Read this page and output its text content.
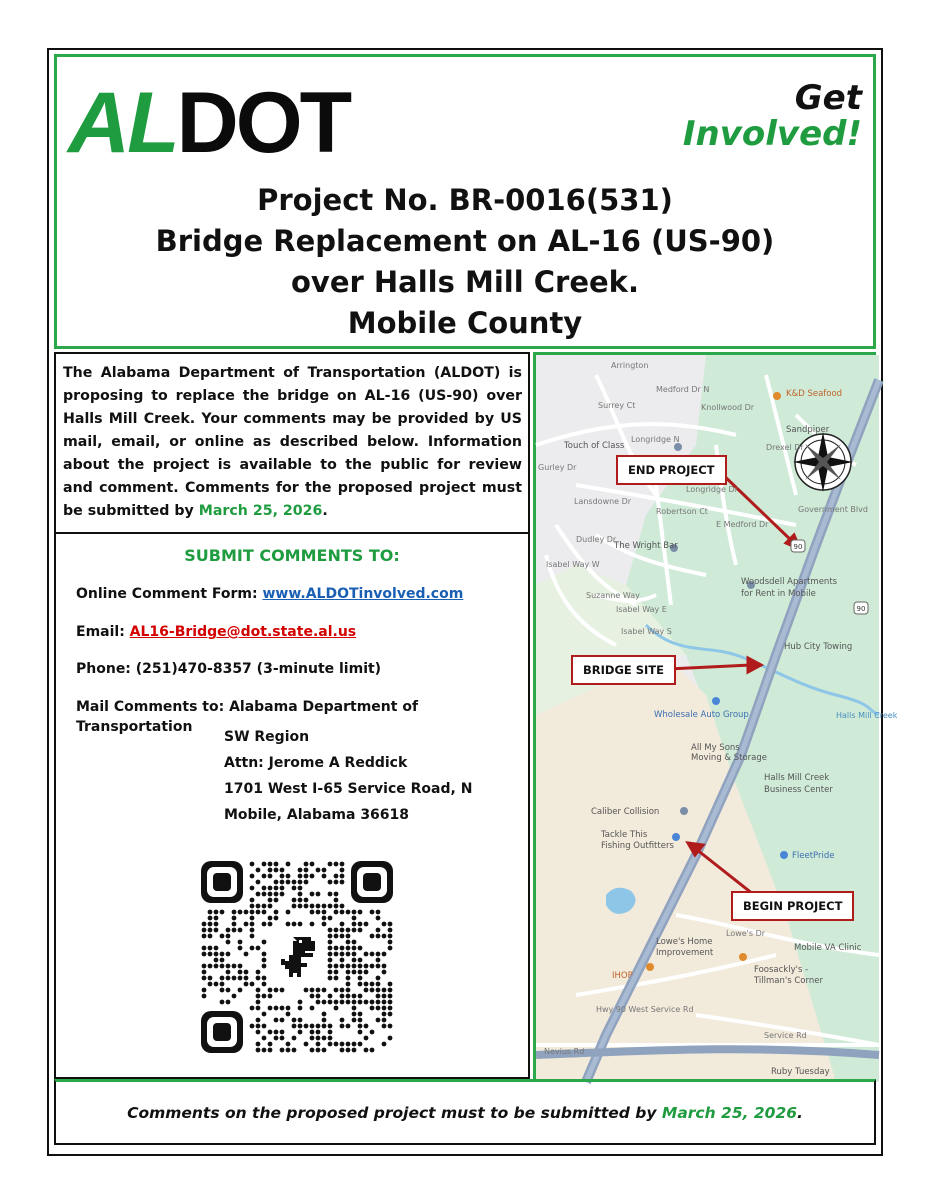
ALDOT	Get
Involved!
Project No. BR-0016(531)
Bridge Replacement on AL-16 (US-90)
over Halls Mill Creek.
Mobile County
The Alabama Department of Transportation (ALDOT) is proposing to replace the bridge on AL-16 (US-90) over Halls Mill Creek. Your comments may be provided by US mail, email, or online as described below. Information about the project is available to the public for review and comment. Comments for the proposed project must be submitted by March 25, 2026.
SUBMIT COMMENTS TO:
Online Comment Form: www.ALDOTinvolved.com
Email: AL16-Bridge@dot.state.al.us
Phone: (251)470-8357 (3-minute limit)
Mail Comments to: Alabama Department of Transportation
SW Region
Attn: Jerome A Reddick
1701 West I-65 Service Road, N
Mobile, Alabama 36618
90
90
K&D Seafood
Sandpiper
Touch of Class
The Wright Bar
Woodsdell Apartments
for Rent in Mobile
Hub City Towing
Wholesale Auto Group
All My Sons
Moving & Storage
Halls Mill Creek
Business Center
Caliber Collision
Tackle This
Fishing Outfitters
FleetPride
Lowe's Home
Improvement	Mobile VA Clinic
Foosackly's -
Tillman's Corner
IHOP
Ruby Tuesday
Medford Dr N
Knollwood Dr
Longridge N
Drexel Dr
Lansdowne Dr
Isabel Way W
Isabel Way E
Isabel Way S
Suzanne Way
Lowe's Dr
Service Rd
Nevius Rd
Hwy 90 West Service Rd
Government Blvd
Halls Mill Creek
Arrington
Surrey Ct
Longridge Dr
E Medford Dr
Robertson Ct
Dudley Dr
Gurley Dr	END PROJECT
BRIDGE SITE
BEGIN PROJECT
Comments on the proposed project must to be submitted by March 25, 2026.
